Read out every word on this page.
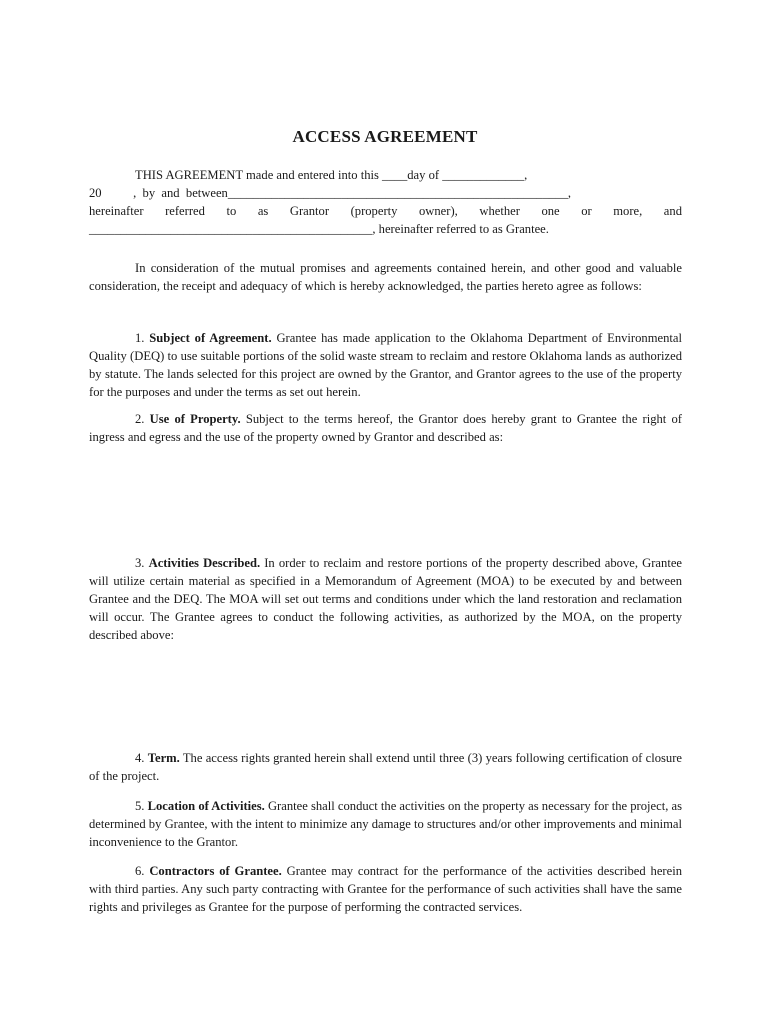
ACCESS AGREEMENT
THIS AGREEMENT made and entered into this ____day of _____________,
20          ,  by  and  between______________________________________________________,
hereinafter referred to as Grantor (property owner), whether one or more, and
_____________________________________________, hereinafter referred to as Grantee.
In consideration of the mutual promises and agreements contained herein, and other good and valuable consideration, the receipt and adequacy of which is hereby acknowledged, the parties hereto agree as follows:
1. Subject of Agreement. Grantee has made application to the Oklahoma Department of Environmental Quality (DEQ) to use suitable portions of the solid waste stream to reclaim and restore Oklahoma lands as authorized by statute. The lands selected for this project are owned by the Grantor, and Grantor agrees to the use of the property for the purposes and under the terms as set out herein.
2. Use of Property. Subject to the terms hereof, the Grantor does hereby grant to Grantee the right of ingress and egress and the use of the property owned by Grantor and described as:
3. Activities Described. In order to reclaim and restore portions of the property described above, Grantee will utilize certain material as specified in a Memorandum of Agreement (MOA) to be executed by and between Grantee and the DEQ. The MOA will set out terms and conditions under which the land restoration and reclamation will occur. The Grantee agrees to conduct the following activities, as authorized by the MOA, on the property described above:
4. Term. The access rights granted herein shall extend until three (3) years following certification of closure of the project.
5. Location of Activities. Grantee shall conduct the activities on the property as necessary for the project, as determined by Grantee, with the intent to minimize any damage to structures and/or other improvements and minimal inconvenience to the Grantor.
6. Contractors of Grantee. Grantee may contract for the performance of the activities described herein with third parties. Any such party contracting with Grantee for the performance of such activities shall have the same rights and privileges as Grantee for the purpose of performing the contracted services.
